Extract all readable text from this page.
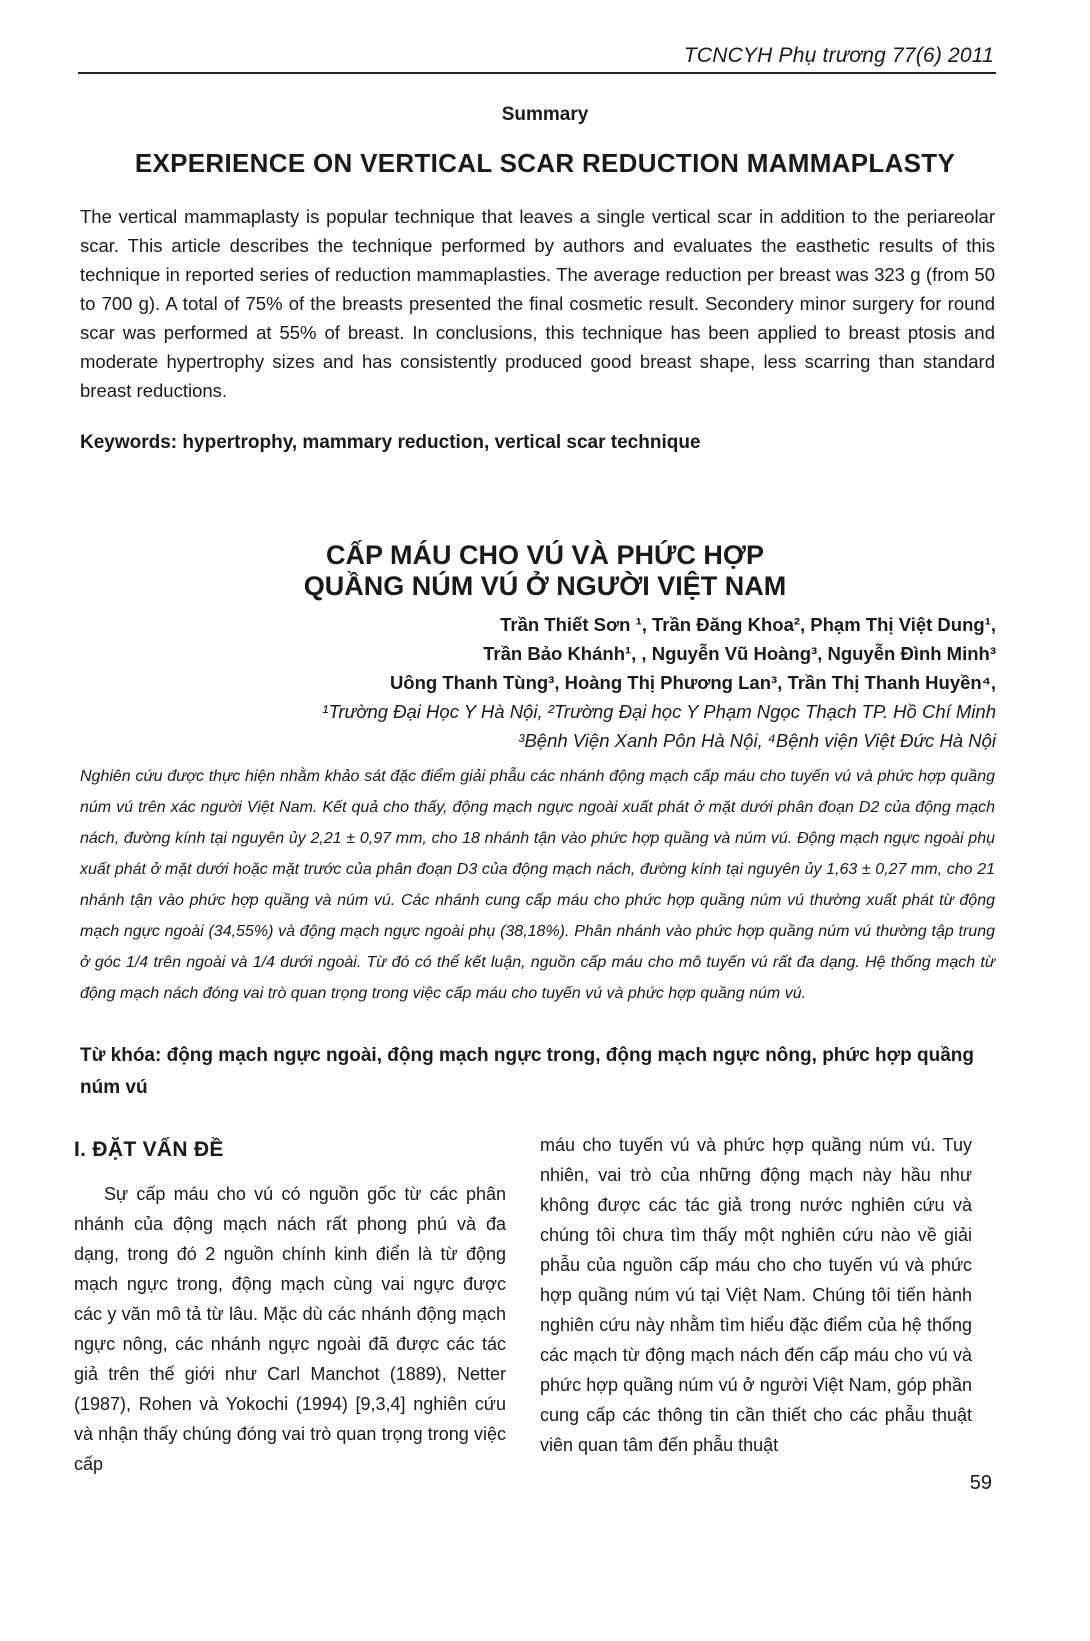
TCNCYH Phụ trương 77(6) 2011
Summary
EXPERIENCE ON VERTICAL SCAR REDUCTION MAMMAPLASTY

The vertical mammaplasty is popular technique that leaves a single vertical scar in addition to the periareolar scar. This article describes the technique performed by authors and evaluates the easthetic results of this technique in reported series of reduction mammaplasties. The average reduction per breast was 323 g (from 50 to 700 g). A total of 75% of the breasts presented the final cosmetic result. Secondery minor surgery for round scar was performed at 55% of breast. In conclusions, this technique has been applied to breast ptosis and moderate hypertrophy sizes and has consistently produced good breast shape, less scarring than standard breast reductions.

Keywords: hypertrophy, mammary reduction, vertical scar technique
CẤP MÁU CHO VÚ VÀ PHỨC HỢP
QUẦNG NÚM VÚ Ở NGƯỜI VIỆT NAM
Trần Thiết Sơn ¹, Trần Đăng Khoa², Phạm Thị Việt Dung¹,
Trần Bảo Khánh¹, , Nguyễn Vũ Hoàng³, Nguyễn Đình Minh³
Uông Thanh Tùng³, Hoàng Thị Phương Lan³, Trần Thị Thanh Huyền⁴,
¹Trường Đại Học Y Hà Nội, ²Trường Đại học Y Phạm Ngọc Thạch TP. Hồ Chí Minh
³Bệnh Viện Xanh Pôn Hà Nội, ⁴Bệnh viện Việt Đức Hà Nội

Nghiên cứu được thực hiện nhằm khảo sát đặc điểm giải phẫu các nhánh động mạch cấp máu cho tuyến vú và phức hợp quầng núm vú trên xác người Việt Nam. Kết quả cho thấy, động mạch ngực ngoài xuất phát ở mặt dưới phân đoạn D2 của động mạch nách, đường kính tại nguyên ủy 2,21 ± 0,97 mm, cho 18 nhánh tận vào phức hợp quầng và núm vú. Động mạch ngực ngoài phụ xuất phát ở mặt dưới hoặc mặt trước của phân đoạn D3 của động mạch nách, đường kính tại nguyên ủy 1,63 ± 0,27 mm, cho 21 nhánh tận vào phức hợp quầng và núm vú. Các nhánh cung cấp máu cho phức hợp quầng núm vú thường xuất phát từ động mạch ngực ngoài (34,55%) và động mạch ngực ngoài phụ (38,18%). Phân nhánh vào phức hợp quầng núm vú thường tập trung ở góc 1/4 trên ngoài và 1/4 dưới ngoài. Từ đó có thể kết luận, nguồn cấp máu cho mô tuyến vú rất đa dạng. Hệ thống mạch từ động mạch nách đóng vai trò quan trọng trong việc cấp máu cho tuyến vú và phức hợp quầng núm vú.

Từ khóa: động mạch ngực ngoài, động mạch ngực trong, động mạch ngực nông, phức hợp quầng núm vú
I. ĐẶT VẤN ĐỀ

Sự cấp máu cho vú có nguồn gốc từ các phân nhánh của động mạch nách rất phong phú và đa dạng, trong đó 2 nguồn chính kinh điển là từ động mạch ngực trong, động mạch cùng vai ngực được các y văn mô tả từ lâu. Mặc dù các nhánh động mạch ngực nông, các nhánh ngực ngoài đã được các tác giả trên thế giới như Carl Manchot (1889), Netter (1987), Rohen và Yokochi (1994) [9,3,4] nghiên cứu và nhận thấy chúng đóng vai trò quan trọng trong việc cấp

máu cho tuyến vú và phức hợp quầng núm vú. Tuy nhiên, vai trò của những động mạch này hầu như không được các tác giả trong nước nghiên cứu và chúng tôi chưa tìm thấy một nghiên cứu nào về giải phẫu của nguồn cấp máu cho cho tuyến vú và phức hợp quầng núm vú tại Việt Nam. Chúng tôi tiến hành nghiên cứu này nhằm tìm hiểu đặc điểm của hệ thống các mạch từ động mạch nách đến cấp máu cho vú và phức hợp quầng núm vú ở người Việt Nam, góp phần cung cấp các thông tin cần thiết cho các phẫu thuật viên quan tâm đến phẫu thuật

59
